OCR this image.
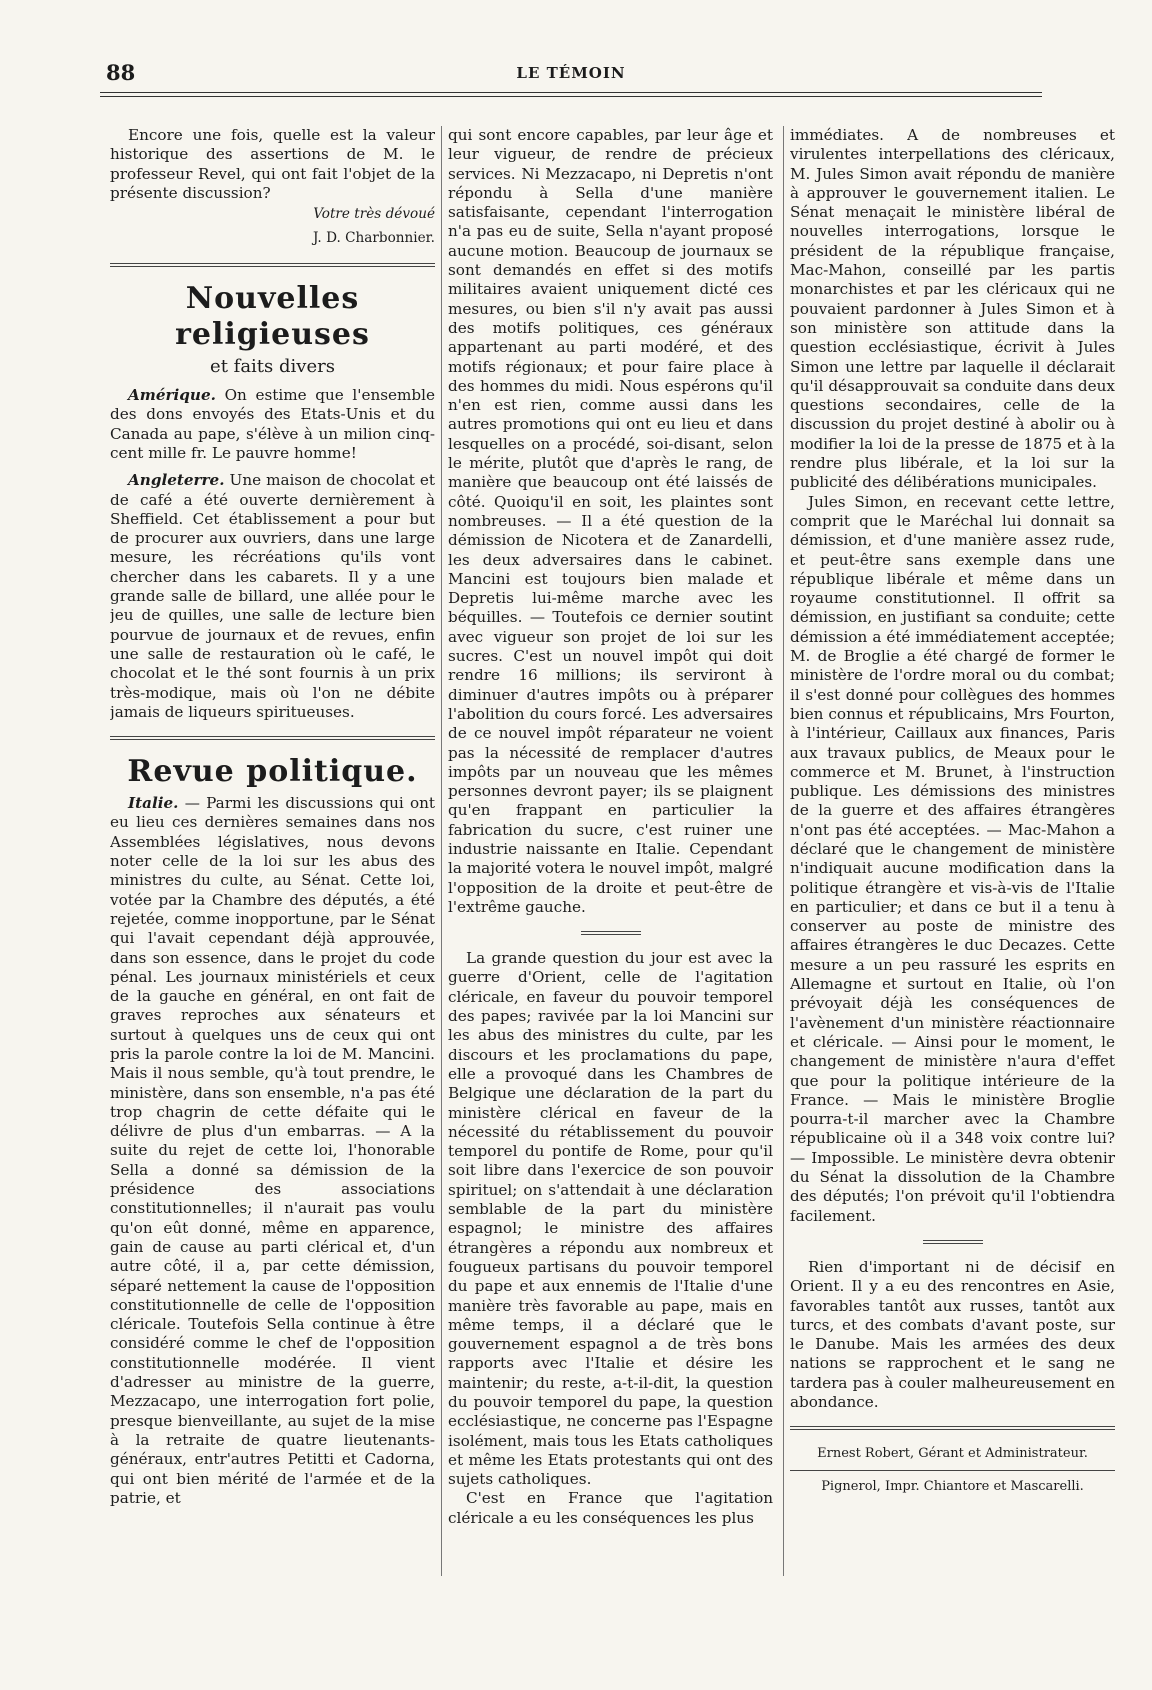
88	LE TÉMOIN

Encore une fois, quelle est la valeur historique des assertions de M. le professeur Revel, qui ont fait l'objet de la présente discussion?

Votre très dévoué
J. D. Charbonnier.
Nouvelles religieuses
et faits divers

Amérique. On estime que l'ensemble des dons envoyés des Etats-Unis et du Canada au pape, s'élève à un milion cinq-cent mille fr. Le pauvre homme!

Angleterre. Une maison de chocolat et de café a été ouverte dernièrement à Sheffield. Cet établissement a pour but de procurer aux ouvriers, dans une large mesure, les récréations qu'ils vont chercher dans les cabarets. Il y a une grande salle de billard, une allée pour le jeu de quilles, une salle de lecture bien pourvue de journaux et de revues, enfin une salle de restauration où le café, le chocolat et le thé sont fournis à un prix très-modique, mais où l'on ne débite jamais de liqueurs spiritueuses.

Revue politique.

Italie. — Parmi les discussions qui ont eu lieu ces dernières semaines dans nos Assemblées législatives, nous devons noter celle de la loi sur les abus des ministres du culte, au Sénat. Cette loi, votée par la Chambre des députés, a été rejetée, comme inopportune, par le Sénat qui l'avait cependant déjà approuvée, dans son essence, dans le projet du code pénal. Les journaux ministériels et ceux de la gauche en général, en ont fait de graves reproches aux sénateurs et surtout à quelques uns de ceux qui ont pris la parole contre la loi de M. Mancini. Mais il nous semble, qu'à tout prendre, le ministère, dans son ensemble, n'a pas été trop chagrin de cette défaite qui le délivre de plus d'un embarras. — A la suite du rejet de cette loi, l'honorable Sella a donné sa démission de la présidence des associations constitutionnelles; il n'aurait pas voulu qu'on eût donné, même en apparence, gain de cause au parti clérical et, d'un autre côté, il a, par cette démission, séparé nettement la cause de l'opposition constitutionnelle de celle de l'opposition cléricale. Toutefois Sella continue à être considéré comme le chef de l'opposition constitutionnelle modérée. Il vient d'adresser au ministre de la guerre, Mezzacapo, une interrogation fort polie, presque bienveillante, au sujet de la mise à la retraite de quatre lieutenants-généraux, entr'autres Petitti et Cadorna, qui ont bien mérité de l'armée et de la patrie, et

qui sont encore capables, par leur âge et leur vigueur, de rendre de précieux services. Ni Mezzacapo, ni Depretis n'ont répondu à Sella d'une manière satisfaisante, cependant l'interrogation n'a pas eu de suite, Sella n'ayant proposé aucune motion. Beaucoup de journaux se sont demandés en effet si des motifs militaires avaient uniquement dicté ces mesures, ou bien s'il n'y avait pas aussi des motifs politiques, ces généraux appartenant au parti modéré, et des motifs régionaux; et pour faire place à des hommes du midi. Nous espérons qu'il n'en est rien, comme aussi dans les autres promotions qui ont eu lieu et dans lesquelles on a procédé, soi-disant, selon le mérite, plutôt que d'après le rang, de manière que beaucoup ont été laissés de côté. Quoiqu'il en soit, les plaintes sont nombreuses. — Il a été question de la démission de Nicotera et de Zanardelli, les deux adversaires dans le cabinet. Mancini est toujours bien malade et Depretis lui-même marche avec les béquilles. — Toutefois ce dernier soutint avec vigueur son projet de loi sur les sucres. C'est un nouvel impôt qui doit rendre 16 millions; ils serviront à diminuer d'autres impôts ou à préparer l'abolition du cours forcé. Les adversaires de ce nouvel impôt réparateur ne voient pas la nécessité de remplacer d'autres impôts par un nouveau que les mêmes personnes devront payer; ils se plaignent qu'en frappant en particulier la fabrication du sucre, c'est ruiner une industrie naissante en Italie. Cependant la majorité votera le nouvel impôt, malgré l'opposition de la droite et peut-être de l'extrême gauche.

La grande question du jour est avec la guerre d'Orient, celle de l'agitation cléricale, en faveur du pouvoir temporel des papes; ravivée par la loi Mancini sur les abus des ministres du culte, par les discours et les proclamations du pape, elle a provoqué dans les Chambres de Belgique une déclaration de la part du ministère clérical en faveur de la nécessité du rétablissement du pouvoir temporel du pontife de Rome, pour qu'il soit libre dans l'exercice de son pouvoir spirituel; on s'attendait à une déclaration semblable de la part du ministère espagnol; le ministre des affaires étrangères a répondu aux nombreux et fougueux partisans du pouvoir temporel du pape et aux ennemis de l'Italie d'une manière très favorable au pape, mais en même temps, il a déclaré que le gouvernement espagnol a de très bons rapports avec l'Italie et désire les maintenir; du reste, a-t-il-dit, la question du pouvoir temporel du pape, la question ecclésiastique, ne concerne pas l'Espagne isolément, mais tous les Etats catholiques et même les Etats protestants qui ont des sujets catholiques.

C'est en France que l'agitation cléricale a eu les conséquences les plus

immédiates. A de nombreuses et virulentes interpellations des cléricaux, M. Jules Simon avait répondu de manière à approuver le gouvernement italien. Le Sénat menaçait le ministère libéral de nouvelles interrogations, lorsque le président de la république française, Mac-Mahon, conseillé par les partis monarchistes et par les cléricaux qui ne pouvaient pardonner à Jules Simon et à son ministère son attitude dans la question ecclésiastique, écrivit à Jules Simon une lettre par laquelle il déclarait qu'il désapprouvait sa conduite dans deux questions secondaires, celle de la discussion du projet destiné à abolir ou à modifier la loi de la presse de 1875 et à la rendre plus libérale, et la loi sur la publicité des délibérations municipales.

Jules Simon, en recevant cette lettre, comprit que le Maréchal lui donnait sa démission, et d'une manière assez rude, et peut-être sans exemple dans une république libérale et même dans un royaume constitutionnel. Il offrit sa démission, en justifiant sa conduite; cette démission a été immédiatement acceptée; M. de Broglie a été chargé de former le ministère de l'ordre moral ou du combat; il s'est donné pour collègues des hommes bien connus et républicains, Mrs Fourton, à l'intérieur, Caillaux aux finances, Paris aux travaux publics, de Meaux pour le commerce et M. Brunet, à l'instruction publique. Les démissions des ministres de la guerre et des affaires étrangères n'ont pas été acceptées. — Mac-Mahon a déclaré que le changement de ministère n'indiquait aucune modification dans la politique étrangère et vis-à-vis de l'Italie en particulier; et dans ce but il a tenu à conserver au poste de ministre des affaires étrangères le duc Decazes. Cette mesure a un peu rassuré les esprits en Allemagne et surtout en Italie, où l'on prévoyait déjà les conséquences de l'avènement d'un ministère réactionnaire et cléricale. — Ainsi pour le moment, le changement de ministère n'aura d'effet que pour la politique intérieure de la France. — Mais le ministère Broglie pourra-t-il marcher avec la Chambre républicaine où il a 348 voix contre lui? — Impossible. Le ministère devra obtenir du Sénat la dissolution de la Chambre des députés; l'on prévoit qu'il l'obtiendra facilement.

Rien d'important ni de décisif en Orient. Il y a eu des rencontres en Asie, favorables tantôt aux russes, tantôt aux turcs, et des combats d'avant poste, sur le Danube. Mais les armées des deux nations se rapprochent et le sang ne tardera pas à couler malheureusement en abondance.

Ernest Robert, Gérant et Administrateur.

Pignerol, Impr. Chiantore et Mascarelli.
